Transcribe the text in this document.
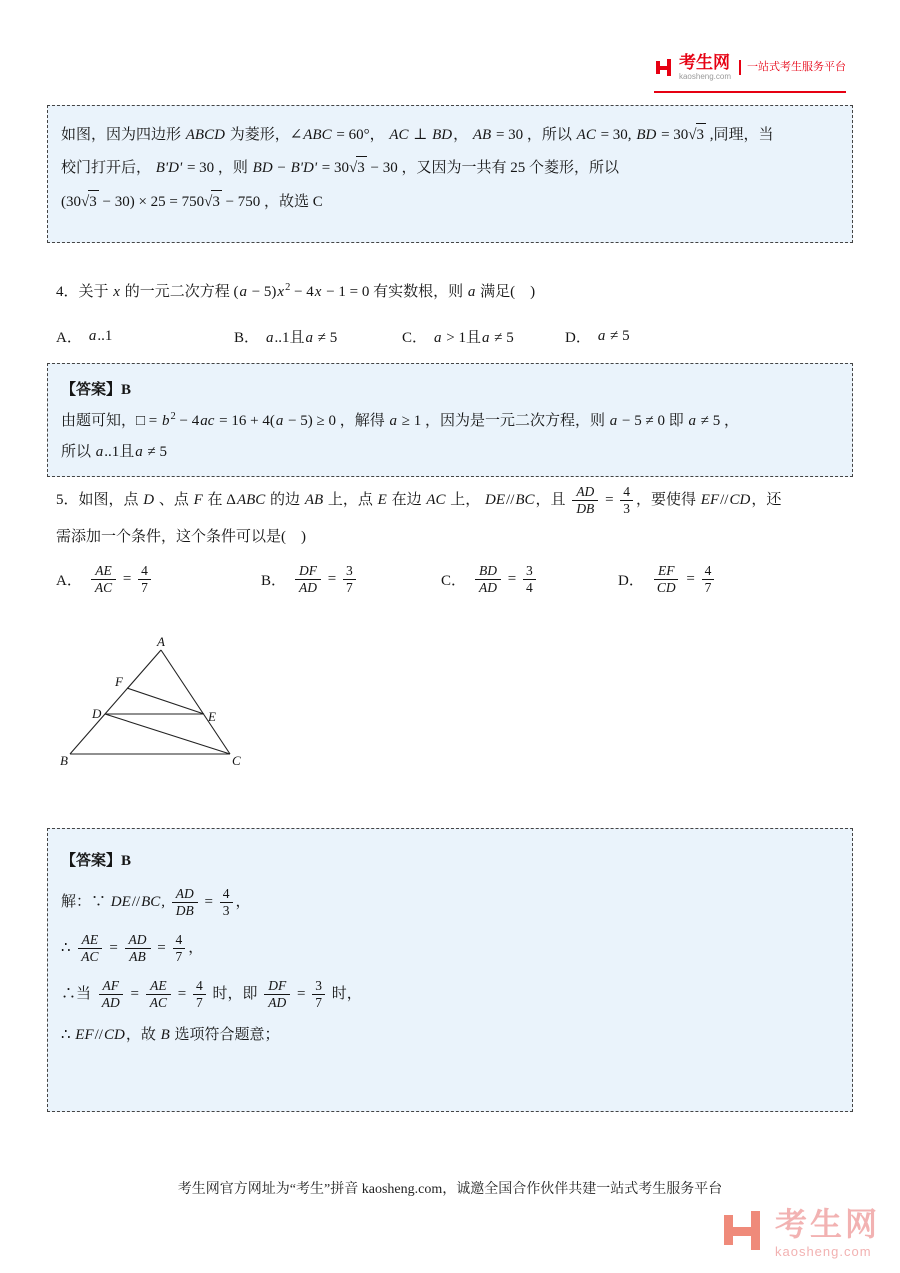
考生网
kaosheng.com
一站式考生服务平台
如图，因为四边形 ABCD 为菱形，∠ABC = 60°， AC ⊥ BD， AB = 30 ，所以 AC = 30, BD = 30√3 ,同理，当
校门打开后， B'D' = 30 ，则 BD − B'D' = 30√3 − 30 ，又因为一共有 25 个菱形，所以
(30√3 − 30) × 25 = 750√3 − 750 ，故选 C
4．关于 x 的一元二次方程 $(a - 5)x^2 - 4x - 1 = 0$ 有实数根，则 a 满足(　)
A． a..1	B． a..1且a ≠ 5	C． a > 1且a ≠ 5	D． a ≠ 5
【答案】B
由题可知，□ = $b^2 - 4ac = 16 + 4(a - 5) \ge 0$ ，解得 a ≥ 1 ，因为是一元二次方程，则 a − 5 ≠ 0 即 a ≠ 5 ，
所以 a..1且a ≠ 5
5．如图，点 D 、点 F 在 ΔABC 的边 AB 上，点 E 在边 AC 上， DE//BC，且 $\frac{AD}{DB} = \frac{4}{3}$ ，要使得 EF//CD，还
需添加一个条件，这个条件可以是(　)
A． $\frac{AE}{AC} = \frac{4}{7}$	B． $\frac{DF}{AD} = \frac{3}{7}$	C． $\frac{BD}{AD} = \frac{3}{4}$	D． $\frac{EF}{CD} = \frac{4}{7}$
A
B	C
D	E
F
【答案】B
解：∵ DE//BC, $\frac{AD}{DB} = \frac{4}{3}$ ，
∴ $\frac{AE}{AC} = \frac{AD}{AB} = \frac{4}{7}$ ，
∴当 $\frac{AF}{AD} = \frac{AE}{AC} = \frac{4}{7}$ 时，即 $\frac{DF}{AD} = \frac{3}{7}$ 时，
∴ EF//CD，故 B 选项符合题意；
考生网官方网址为“考生”拼音 kaosheng.com，诚邀全国合作伙伴共建一站式考生服务平台
考生网
kaosheng.com
